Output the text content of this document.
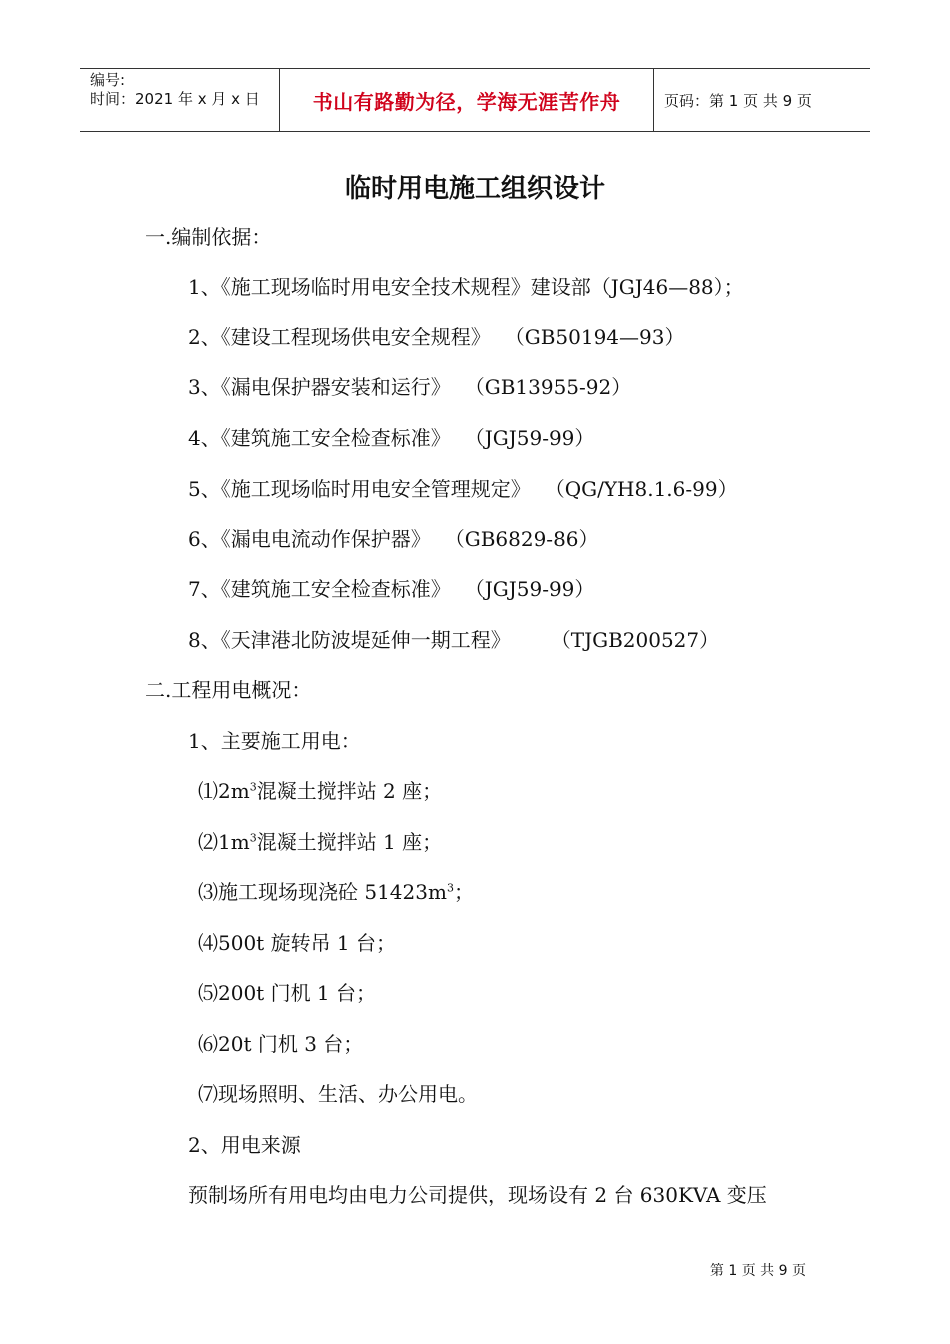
编号:
时间：2021 年 x 月 x 日	书山有路勤为径，学海无涯苦作舟	页码：第 1 页 共 9 页
临时用电施工组织设计
一.编制依据：
1、《施工现场临时用电安全技术规程》建设部（JGJ46—88）；
2、《建设工程现场供电安全规程》 （GB50194—93）
3、《漏电保护器安装和运行》 （GB13955-92）
4、《建筑施工安全检查标准》 （JGJ59-99）
5、《施工现场临时用电安全管理规定》 （QG/YH8.1.6-99）
6、《漏电电流动作保护器》 （GB6829-86）
7、《建筑施工安全检查标准》 （JGJ59-99）
8、《天津港北防波堤延伸一期工程》 （TJGB200527）
二.工程用电概况：
1、主要施工用电：
$⑴2m^3$混凝土搅拌站 2 座；
$⑵1m^3$混凝土搅拌站 1 座；
⑶施工现场现浇砼 $51423m^3$；
⑷500t 旋转吊 1 台；
⑸200t 门机 1 台；
⑹20t 门机 3 台；
⑺现场照明、生活、办公用电。
2、用电来源
预制场所有用电均由电力公司提供，现场设有 2 台 630KVA 变压
第 1 页 共 9 页
